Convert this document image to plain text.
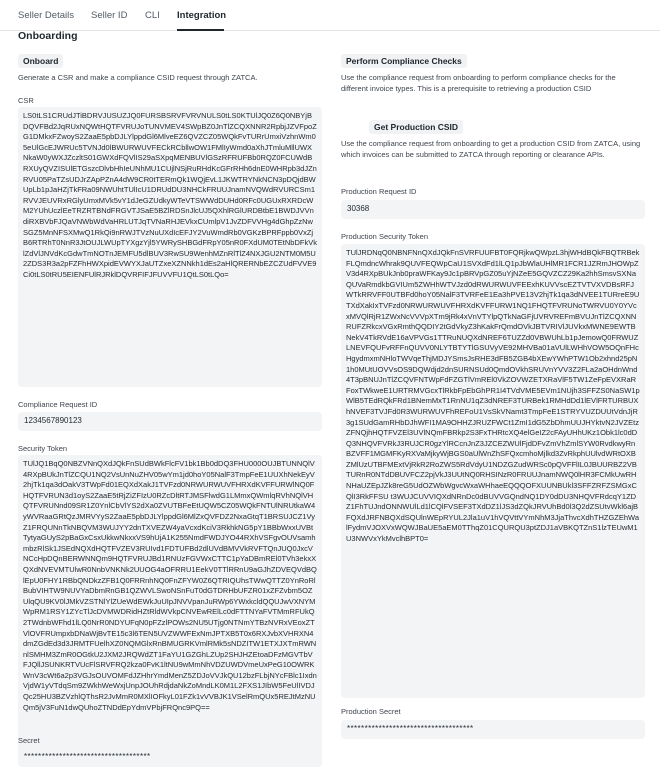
Seller Details Seller ID CLI Integration
Onboarding
Onboard
Generate a CSR and make a compliance CSID request through ZATCA.
CSR
LS0tLS1CRUdJTiBDRVJUSUZJQ0FURSBSRVFVRVNULS0tLS0KTUlJQ0Z6Q0NBYjBDQVFBd2JqRUxNQWtHQTFVRUJoTUNVMEV4SWpBZ0JnTlZCQXNNR2RpbjJZVFpoZG1DMkxFZwoyS2ZaaE5pbDJLYlppdGl6MlveEZ6QVZCZ05WQkFvTURrUmxiVzhnWm05eUlGcEJWRUc5TVNJd0lBWURWUVFECkRCbllwOW1FMlIyWmd0aXhJTmluMllUWXNkaW0yWXJZczltS01GWXdFQVlIS29aSXpqMENBUVlGSzRFRUFBb0RQZ0FCUWdBRXUyQVZISUlETGszcDlvbHhIeUNhMU1CUjlNSjRuRHdKcGFrRHh6dnE0WHRpb3dJZnRVU05PaTZsUDJrZApPZnA4dW9CR0tTERmQk1WQjEvL1JKWTRYNkNCN3pDQjdBWUpLb1pJaHZjTkFRa09NWUhtTUlIcU1DRUdDU3NHCkFRUUJnamNVQWdRVURCSm1RVVJEUVRxRGlyUmxMVk5vY1dJeGZUdkyWTeVTSWWdDUHd0RFc0UGUxRXRDcWM2YUhUczlEeTRZRTBNdFRGVTJSaE5BZlRDSnJlcUJ5QXhlRGlURDBtbE1BWDJVVndiRXBVbFJQaVNWbWdVaHRLUTJqTVNaRHJEVkxCUmlpV1JvZDFVVHg4dGhpZzNwSGZ5MnNFSXMwQ1RkQi9nRWJTVzNuUXdIcEFJY2VuWmdRb0VGKzBPRFppb0VxZjB6RTRhT0NnR3JtOUJLWUpTYXgzYjl5YWRySHBGdFRpY05nR0FXdUM0TEtNbDFkVklZdVlJNVdKcGdwTmNOTnJEMFU5dlBUV3RwSU9WenhMZnRlTlZ4NXJGU2NTM0M5U2ZDS3R3a2pFZFhHWXpidEVWYXJaUTZxeXZNNkh1dEs2aHlQRERNbEZCZUdFVVE9Ci0tLS0tRU5EIENFUlRJRklDQVRFIFJFUVVFU1QtLS0tLQo=
Compliance Request ID
1234567890123
Security Token
TUlJQ1BqQ0NBZVNnQXdJQkFnSUdBWkFlcFV1bk1Bb0dDQ3FHU000OUJBTUNNQlV4RXpBUkJnTlZCQU1NQ2VsUnNuZHV05wYm1jd0hoY05NalF3TmpFeE1UUXhNekEyV2hjTk1qa3dOakV3TWpFd01EQXdXakJ1TVFzd0NRWURWUVFHRXdKVFFURWlNQ0FHQTFVRUN3d1oyS2ZaaE5tRjZiZFIzU0RZcDltRTJMSFlwdG1LMmxQWmlqRVhNQlVHQTFVRUNnd09SR1Z0YnlCbVlYS2dXa0ZVUTBFeEtUQW5CZ05WQkFNTUlNRUtkaW4yWVRaaGRtQzJMRVYyS2ZaaE5pbDJLYlppdGl6MlZxQVFDZ2NxaGtqT1BRSUJCZ1VyZ1FRQUNnTkNBQVM3WUJYY2dnTXVEZW4yaVcxdKciV3RkhkNG5pY1BBbWxxUVBtTytyaGUyS2pBaGxCsxUkkwNkxxVS9hUjA1K255NmdFWDJYO44RXhVSFgvOUVsamhmbzRlSk1JSEdNQXdHQTFVZEV3RUIvd1FDTUFBd2dlUVdBMVVkRVFTQnJUQ0JxcVNCcHpDQnBERWNNQm9HQTFVRUJBd1RNUzFGVWxCTTC1pYaDBmREl0TVh3ekxXQXdNVEVMTUlwR0NnbVNKNk2UUOG4aOFRRU1EekV0TTlRRnU9aGJhZDVEQVdBQlEpU0FHY1RBbQNDkzZFB1Q0FRRnhNQ0FnZFYW0Z6QTRIQUhsTWwQTTZ0YnRoRlBubVIHTW9NUVYaDbmRnGB1QZWVLSwoNSnFuT0dGTDRHbUFZR01xZFZvbm5OZUlqQU9KV0lJMkVZSTNlYlZUeWdEWkJuUIpJNVVpanJuRWp6YWxkcldQQUJwVXNYMWpRM1RSY1ZYcTlJcDVMWDRidHZtRldWVkpCNVEwRElLc0dFTTNYaFVTMmRFUkQ2TWdnbWFhd1lLQ0NrR0NDYUFqN0pFZzlPOWs2NU5UTjg0NTNmYTBzNVRxVEoxZTVlOVFRUmpxbDNaWjBvTE15c3l6TEN5UVZWWFExNmJPTXB5T0x6RXJvbXVHRXN4dmZGdEd3d3JRMTFUelhXZ0NQMGlxRnBMUGRKVmlRMk5sNDZITW1ETXJXTmRWNnlSMHM3ZmR0OGtkU2JXM2JRQWdZT1FaYU1GZGhLZUp2SHJHZEtoaDFzMGVTbVFJQllJSUNKRTVUcFlSRVFRQ2kza0FvK1ltNU9wMmNhVDZUWDVmeUxPeG10OWRKWnV3cWt6a2p3VGJsOUVOMFdJZHhrYmdMenZ5ZDJoVVJkQU12bzFLbjNYcFBlc1IxdnVjdW1yVTdqSm9ZWkhWeWxjUnpJOUhRdjdaNkZoMndLK0M1L2FXS1JIbW5FeUlIVDJQc25HU3BZVzhlQThsR2JvMmR0MXlIOFkyL01FZk1vVVBJK1VSelRmQUx5REJtMzNUQm5jV3FuN1dwQUhoZTNDdEpYdmVPbjFRQnc9PQ==
Secret
************************************
Perform Compliance Checks
Use the compliance request from onboarding to perform compliance checks for the different invoice types. This is a prerequisite to retrieving a production CSID
Get Production CSID
Use the compliance request from onboarding to get a production CSID from ZATCA, using which invoices can be submitted to ZATCA through reporting or clearance APIs.
Production Request ID
30368
Production Security Token
TUlJRDNqQ0NBNFNnQXdJQkFnSVRFUUFBT0FQRjkwQWpzL3hjWHdBQkFBQTRBekFLQmdncWhrak9QUVFEQWpCaU1SVXdFd1lLQ1pJbWlaUHlMR1FCR1JZRmJHOWpZV3d4RXpBUkJnb0praWFKay9Jc1pBRVpGZ05uYjNZeE5GQVZCZ29Ka2hhSmsvSXNaQUVaRmdkbGVIUm5ZWHhWTVJzd0dRWURWUVFEExhKUVVscEZTVTVXVDBsRFJWTkRRVFF0UTBFd0hoY05NalF3TVRFeE1Ea3hPVE13V2hjTk1qa3dNVEE1TURreE9UTXdXakIxTVFzd0NRWURWUVFHRXdKVFFURW1NQ1FHQTFVRUNoTWRVU0Y0YVcxMVQlRjR1ZWxNcVVVpXTm9jRk4xVnVTYlpQTkNaGFjUVRVREFmBVUJnTlZCQXNNRUFZRkcxVGxRmthQQDIY2tGdVkyZ3hKakFrQmdOVkJBTVRIVlJUVkxMWNE9EWTBNekV4TkRVdE16aVPVGs1TTRuNUQXdNREF6TUZZd0VBWUhLb1pJemowQ0FRWUZLNEVFQUFvRFFnQUVV0NLYTBTYTlGSUVyVE92MHVBa01aVUlLWHhVOW5OQnFHcHgydmxmNHloTWVqeThjMDJYSmsJsRHE3dFB5ZGB4bXEwYWhPTW1Ob2xhnd25pN1h0MUtUOVVsOS9DQWdjd2dnSURNSUd0QmdOVkhSRUVnYVV3Z2FLa2aOHdnWnd4T3pBNUJnTlZCQVFNTWpFdFZGTlVmREl0VkZOVWZETXRaVlF5TW1ZeFpEVXRaRFoxTWkweE1URTRMVGcxTlRkbFpEbGhPR1I4TVdVME5EVm1NUjh3SFFZS0NaSW1pWlB5TEdRQkFRd1BNemMxT1RnNU1qZ3dNREF3TURBek1RMHdDd1lEVlFRTURBUXhNVEF3TVJFd0R3WURWUVFhREFoU1VsSkVNamt3TmpFeE1STRYVUZDUUtVdnJjR3g1SUdGamRHbDJhWFI1MA9OHHZJRUZFWCt1ZmI1dG5ZbDhmUUJHYktvN2JVZEtzZFNQjhHQTFVZEl3UVlNQmFBRkp2S3FxTHRtcXQ4elGeIZ2cFAyUHhUKz1Obk1lc0dDQ3NHQVFVRkJ3RUJCR0gzYlRCcnJnZ3JZCEZWUlFjdDFvZmVhZmlSYW0RvdkwyRnBZVFF1MGMFKyRXVaMjkyWjBGS0aUlWnZhSFQxcmhoMjlkd3ZvRkphUUlvdWRtOXBZMlUzUTBFMExtVjRkR2RoZWS5RdVdyU1NDZGZudWRSc0pQVFFlIL0JBUURBZ2VBTURnR0NTdDBUVFCZ2pjVkJ3UUtNQ0RHSINzR0FRUUJnamNWQ0lHR3FCMkUwRHNHaUZEpJZk8reG5UdOZWbWgvcWxaWHhaeEQQQOFXUUNBUkl3SFFZRFZSMGxCQlI3RkFFSU t3WUJCUVVIQXdNRnDc0dBUVVGQndNQ1DY0dDU3NHQVFRdcqY1ZDZ1FhTUJndONNWUlLd1lCQlFVSEF3TXdDZ1lJS3dZQkJRVUhBd0l3Q2dZSUtvWkl6ajBFQXdJRFNBQXdSQUlnWEpRYUL2Jla1uV1hVQVttVYmNhM3JjaThvcXdhTHZGZEhWalFydmVJOXVxWQWJBaUE5aEM0TThqZ01CQURQU3ptZDJ1aVBKQTZnS1lzTEUwM1U3NWVxYkMvclhBPT0=
Production Secret
************************************
